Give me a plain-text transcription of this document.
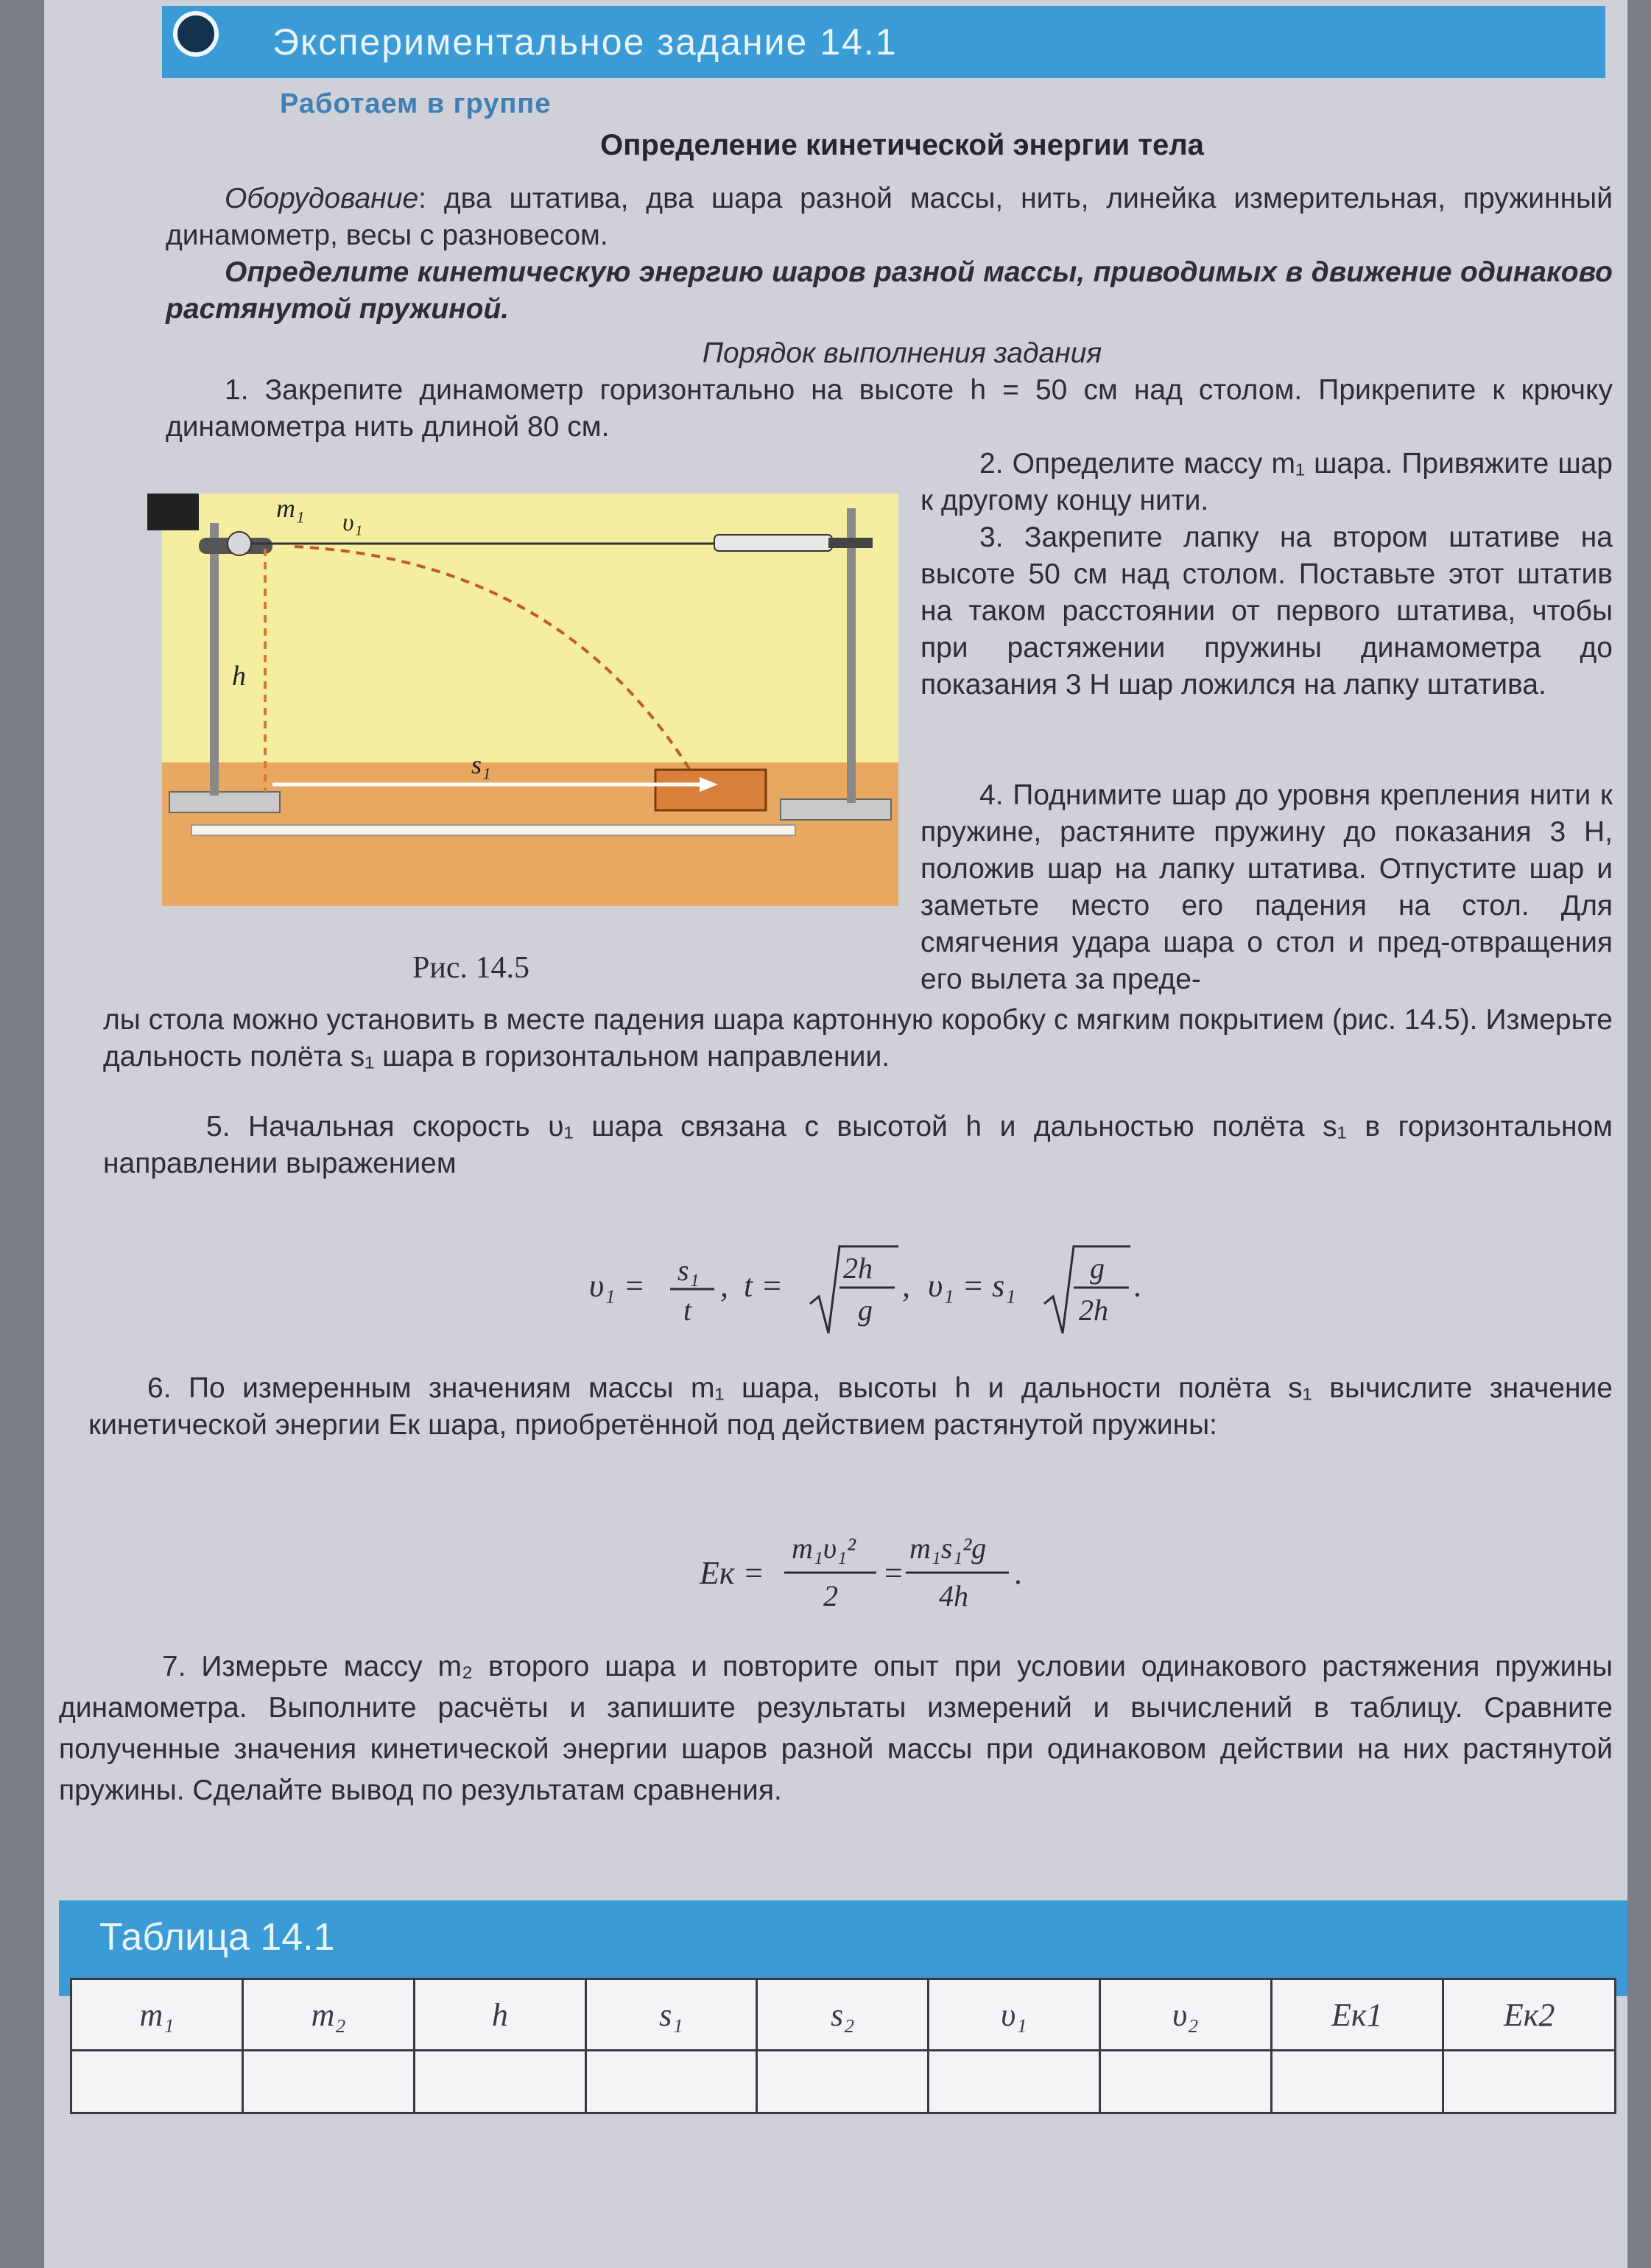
Экспериментальное задание 14.1
Работаем в группе
Определение кинетической энергии тела
Оборудование: два штатива, два шара разной массы, нить, линейка измерительная, пружинный динамометр, весы с разновесом.
Определите кинетическую энергию шаров разной массы, приводимых в движение одинаково растянутой пружиной.
Порядок выполнения задания
1. Закрепите динамометр горизонтально на высоте h = 50 см над столом. Прикрепите к крючку динамометра нить длиной 80 см.
2. Определите массу m₁ шара. Привяжите шар к другому концу нити.
3. Закрепите лапку на втором штативе на высоте 50 см над столом. Поставьте этот штатив на таком расстоянии от первого штатива, чтобы при растяжении пружины динамометра до показания 3 Н шар ложился на лапку штатива.
4. Поднимите шар до уровня крепления нити к пружине, растяните пружину до показания 3 Н, положив шар на лапку штатива. Отпустите шар и заметьте место его падения на стол. Для смягчения удара шара о стол и пред-отвращения его вылета за преде-
m₁ υ₁
h
s₁
Рис. 14.5
лы стола можно установить в месте падения шара картонную коробку с мягким покрытием (рис. 14.5). Измерьте дальность полёта s₁ шара в горизонтальном направлении.
5. Начальная скорость υ₁ шара связана с высотой h и дальностью полёта s₁ в горизонтальном направлении выражением
υ₁ = s₁
t
, t = 2h
g
, υ₁ = s₁	g
2h
.
6. По измеренным значениям массы m₁ шара, высоты h и дальности полёта s₁ вычислите значение кинетической энергии Eк шара, приобретённой под действием растянутой пружины:
Eк =
m₁υ₁²
2
=
m₁s₁²g
4h
.
7. Измерьте массу m₂ второго шара и повторите опыт при условии одинакового растяжения пружины динамометра. Выполните расчёты и запишите результаты измерений и вычислений в таблицу. Сравните полученные значения кинетической энергии шаров разной массы при одинаковом действии на них растянутой пружины. Сделайте вывод по результатам сравнения.
Таблица 14.1
m₁	m₂	h	s₁	s₂	υ₁	υ₂	Eк1	Eк2
